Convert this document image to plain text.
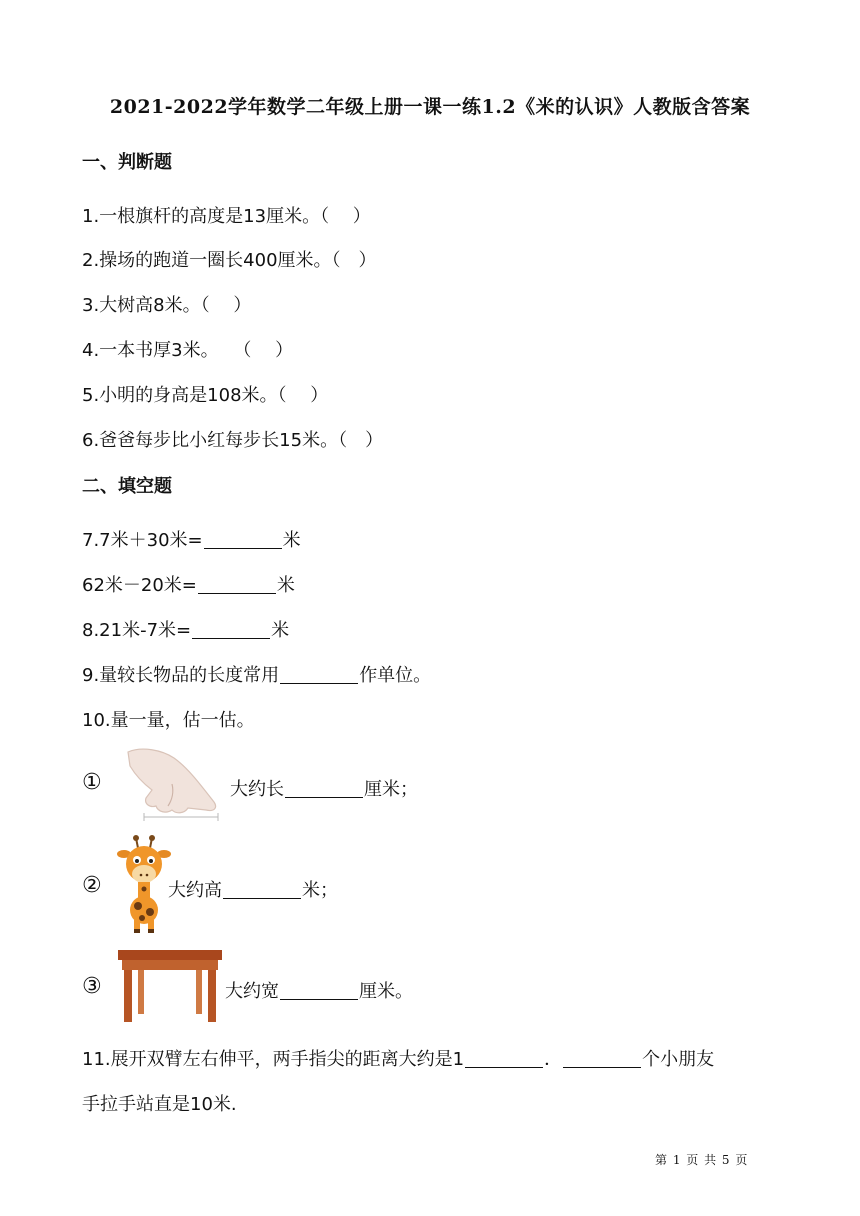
2021-2022学年数学二年级上册一课一练1.2《米的认识》人教版含答案
一、判断题
1.一根旗杆的高度是13厘米。（　 ）
2.操场的跑道一圈长400厘米。（　）
3.大树高8米。（　 ）
4.一本书厚3米。　 （　 ）
5.小明的身高是108米。（　 ）
6.爸爸每步比小红每步长15米。（　）
二、填空题
7.7米＋30米=	米
62米－20米=	米
8.21米-7米=	米
9.量较长物品的长度常用	作单位。
10.量一量，估一估。
①	大约长	厘米；
②	大约高	米；
③	大约宽	厘米。
11.展开双臂左右伸平，两手指尖的距离大约是1	．	个小朋友
手拉手站直是10米.
第 1 页 共 5 页
